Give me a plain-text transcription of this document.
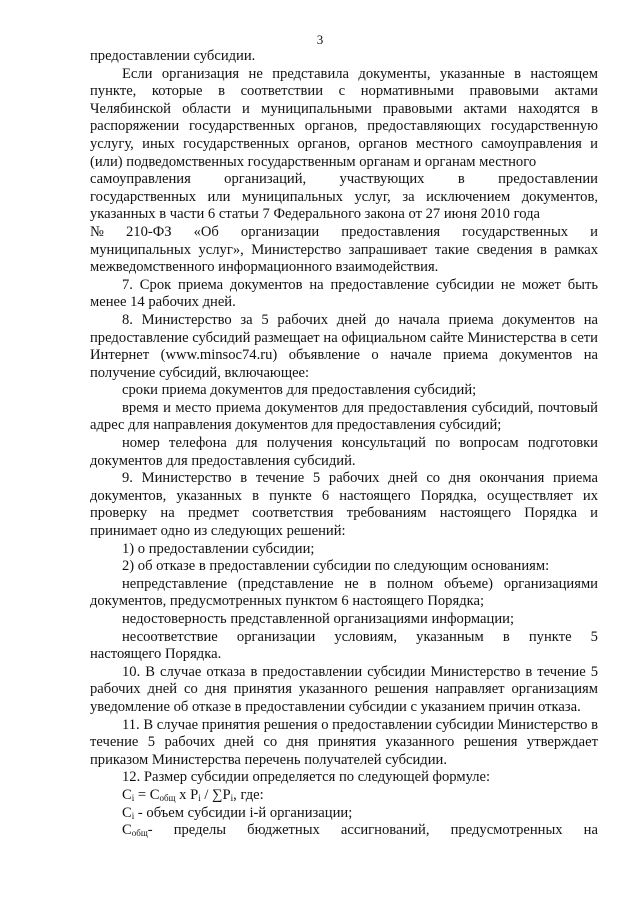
3

предоставлении субсидии.

Если организация не представила документы, указанные в настоящем пункте, которые в соответствии с нормативными правовыми актами Челябинской области и муниципальными правовыми актами находятся в распоряжении государственных органов, предоставляющих государственную услугу, иных государственных органов, органов местного самоуправления и (или) подведомственных государственным органам и органам местного

самоуправления организаций, участвующих в предоставлении

государственных или муниципальных услуг, за исключением документов, указанных в части 6 статьи 7 Федерального закона от 27 июня 2010 года

№ 210-ФЗ «Об организации предоставления государственных и

муниципальных услуг», Министерство запрашивает такие сведения в рамках межведомственного информационного взаимодействия.

7. Срок приема документов на предоставление субсидии не может быть менее 14 рабочих дней.

8. Министерство за 5 рабочих дней до начала приема документов на предоставление субсидий размещает на официальном сайте Министерства в сети Интернет (www.minsoc74.ru) объявление о начале приема документов на получение субсидий, включающее:

сроки приема документов для предоставления субсидий;

время и место приема документов для предоставления субсидий, почтовый адрес для направления документов для предоставления субсидий;

номер телефона для получения консультаций по вопросам подготовки документов для предоставления субсидий.

9. Министерство в течение 5 рабочих дней со дня окончания приема документов, указанных в пункте 6 настоящего Порядка, осуществляет их проверку на предмет соответствия требованиям настоящего Порядка и принимает одно из следующих решений:

1) о предоставлении субсидии;

2) об отказе в предоставлении субсидии по следующим основаниям:

непредставление (представление не в полном объеме) организациями документов, предусмотренных пунктом 6 настоящего Порядка;

недостоверность представленной организациями информации;

несоответствие организации условиям, указанным в пункте 5

настоящего Порядка.

10. В случае отказа в предоставлении субсидии Министерство в течение 5 рабочих дней со дня принятия указанного решения направляет организациям уведомление об отказе в предоставлении субсидии с указанием причин отказа.

11. В случае принятия решения о предоставлении субсидии Министерство в течение 5 рабочих дней со дня принятия указанного решения утверждает приказом Министерства перечень получателей субсидии.

12. Размер субсидии определяется по следующей формуле:

$C_i = C_{общ}$ x $P_i / \sum P_i$, где:

$C_i$ - объем субсидии i-й организации;

$C_{общ}-$ пределы бюджетных ассигнований, предусмотренных на
